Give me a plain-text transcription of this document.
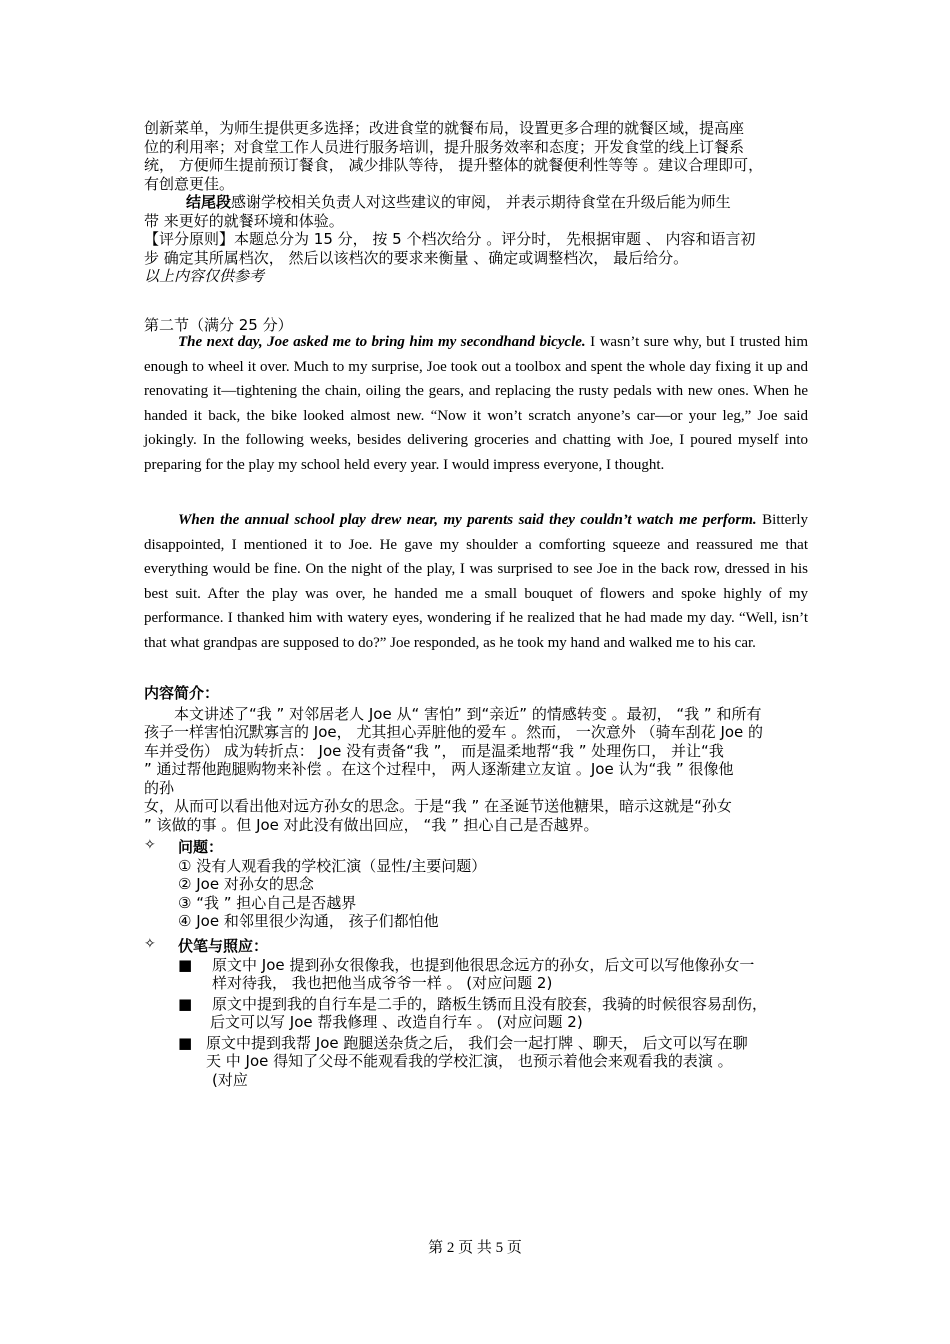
创新菜单，为师生提供更多选择；改进食堂的就餐布局，设置更多合理的就餐区域，提高座
位的利用率；对食堂工作人员进行服务培训，提升服务效率和态度；开发食堂的线上订餐系
统， 方便师生提前预订餐食， 减少排队等待， 提升整体的就餐便利性等等 。建议合理即可，
有创意更佳。
结尾段感谢学校相关负责人对这些建议的审阅， 并表示期待食堂在升级后能为师生
带 来更好的就餐环境和体验。
【评分原则】本题总分为 15 分， 按 5 个档次给分 。评分时， 先根据审题 、 内容和语言初
步 确定其所属档次， 然后以该档次的要求来衡量 、确定或调整档次， 最后给分。
以上内容仅供参考
第二节（满分 25 分）
The next day, Joe asked me to bring him my secondhand bicycle. I wasn’t sure why, but I trusted him enough to wheel it over. Much to my surprise, Joe took out a toolbox and spent the whole day fixing it up and renovating it—tightening the chain, oiling the gears, and replacing the rusty pedals with new ones. When he handed it back, the bike looked almost new. “Now it won’t scratch anyone’s car—or your leg,” Joe said jokingly. In the following weeks, besides delivering groceries and chatting with Joe, I poured myself into preparing for the play my school held every year. I would impress everyone, I thought.
When the annual school play drew near, my parents said they couldn’t watch me perform. Bitterly disappointed, I mentioned it to Joe. He gave my shoulder a comforting squeeze and reassured me that everything would be fine. On the night of the play, I was surprised to see Joe in the back row, dressed in his best suit. After the play was over, he handed me a small bouquet of flowers and spoke highly of my performance. I thanked him with watery eyes, wondering if he realized that he had made my day. “Well, isn’t that what grandpas are supposed to do?” Joe responded, as he took my hand and walked me to his car.
内容简介：
　　本文讲述了“我 ” 对邻居老人 Joe 从“ 害怕” 到“亲近” 的情感转变 。最初， “我 ” 和所有
孩子一样害怕沉默寡言的 Joe， 尤其担心弄脏他的爱车 。然而， 一次意外 （骑车刮花 Joe 的
车并受伤） 成为转折点： Joe 没有责备“我 ”， 而是温柔地帮“我 ” 处理伤口， 并让“我
” 通过帮他跑腿购物来补偿 。在这个过程中， 两人逐渐建立友谊 。Joe 认为“我 ” 很像他
的孙
女，从而可以看出他对远方孙女的思念。于是“我 ” 在圣诞节送他糖果，暗示这就是“孙女
” 该做的事 。但 Joe 对此没有做出回应， “我 ” 担心自己是否越界。
✧ 问题：
① 没有人观看我的学校汇演（显性/主要问题）
② Joe 对孙女的思念
③ “我 ” 担心自己是否越界
④ Joe 和邻里很少沟通， 孩子们都怕他
✧ 伏笔与照应：
■ 原文中 Joe 提到孙女很像我，也提到他很思念远方的孙女，后文可以写他像孙女一
样对待我， 我也把他当成爷爷一样 。 (对应问题 2)
■ 原文中提到我的自行车是二手的，踏板生锈而且没有胶套，我骑的时候很容易刮伤，
后文可以写 Joe 帮我修理 、改造自行车 。 (对应问题 2)
■ 原文中提到我帮 Joe 跑腿送杂货之后， 我们会一起打牌 、聊天， 后文可以写在聊
天 中 Joe 得知了父母不能观看我的学校汇演， 也预示着他会来观看我的表演 。
(对应
第 2 页 共 5 页
